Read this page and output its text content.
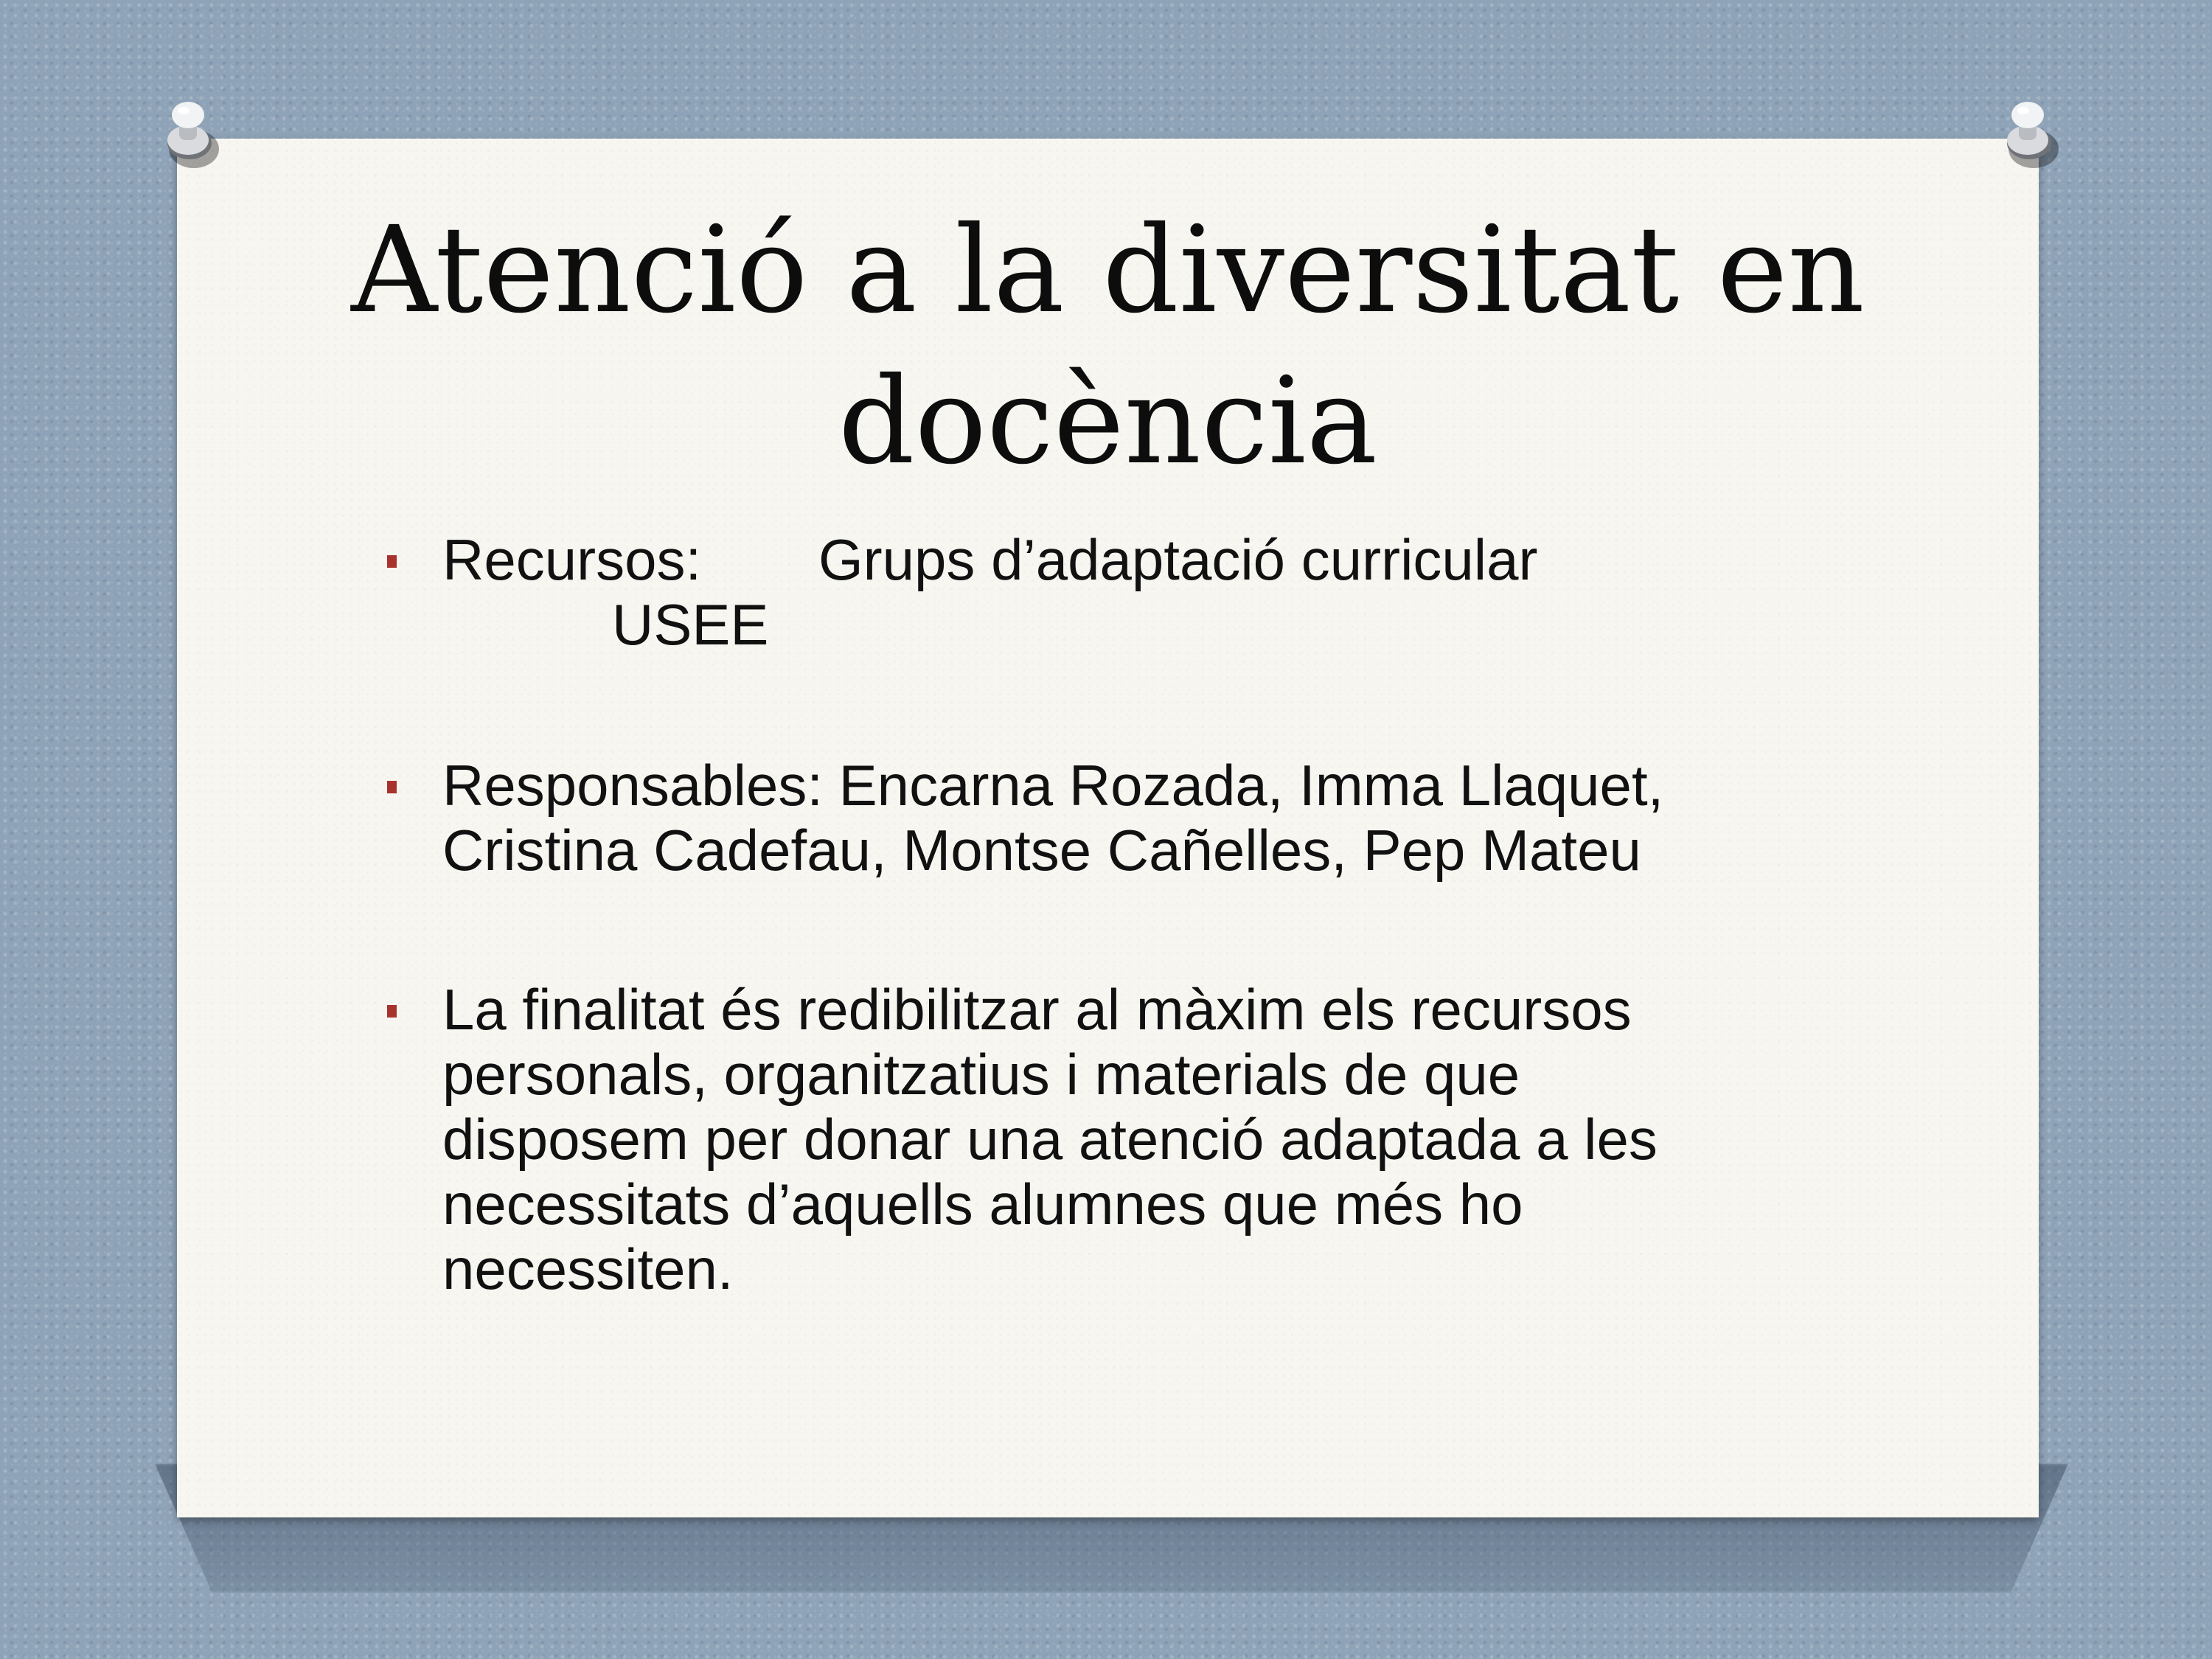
Atenció a la diversitat en
docència
Recursos:	Grups d’adaptació curricular
USEE
Responsables: Encarna Rozada, Imma Llaquet,
Cristina Cadefau, Montse Cañelles, Pep Mateu
La finalitat és redibilitzar al màxim els recursos
personals, organitzatius i materials de que
disposem per donar una atenció adaptada a les
necessitats d’aquells alumnes que més ho
necessiten.
